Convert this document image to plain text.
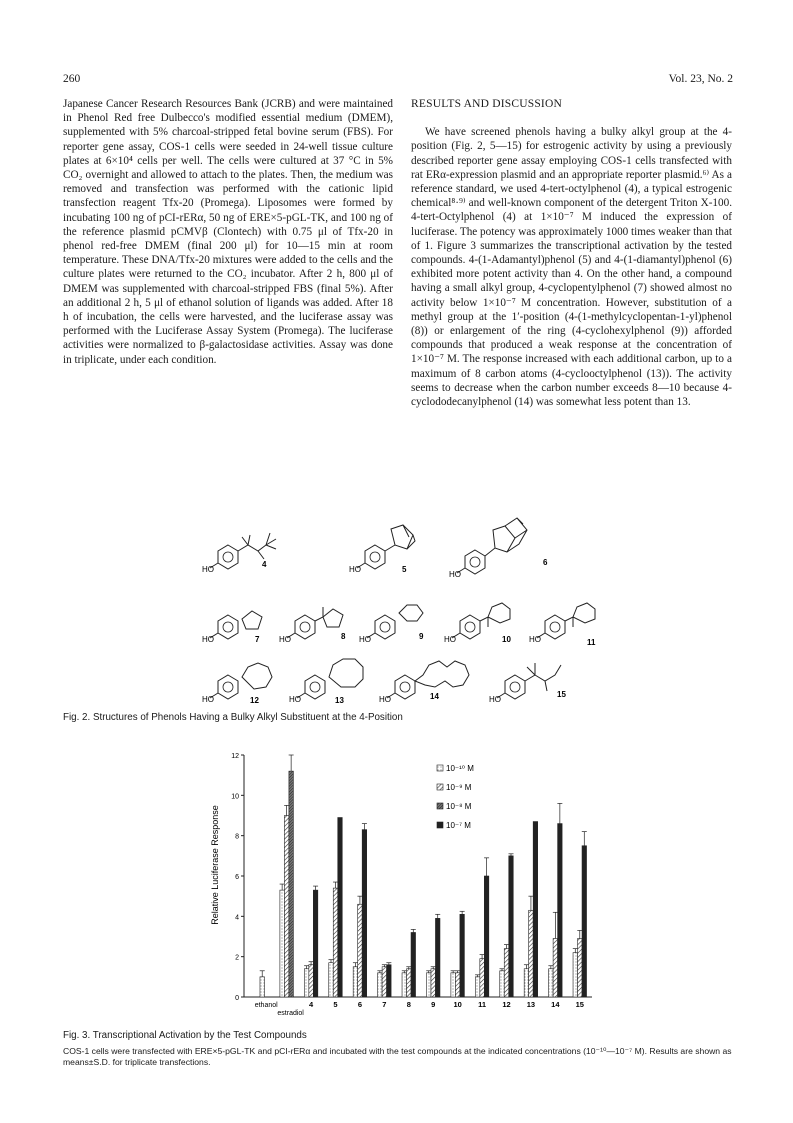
260	Vol. 23, No. 2

Japanese Cancer Research Resources Bank (JCRB) and were maintained in Phenol Red free Dulbecco's modified essential medium (DMEM), supplemented with 5% charcoal-stripped fetal bovine serum (FBS). For reporter gene assay, COS-1 cells were seeded in 24-well tissue culture plates at 6×10⁴ cells per well. The cells were cultured at 37 °C in 5% CO₂ overnight and allowed to attach to the plates. Then, the medium was removed and transfection was performed with the cationic lipid transfection reagent Tfx-20 (Promega). Liposomes were formed by incubating 100 ng of pCI-rERα, 50 ng of ERE×5-pGL-TK, and 100 ng of the reference plasmid pCMVβ (Clontech) with 0.75 μl of Tfx-20 in phenol red-free DMEM (final 200 μl) for 10—15 min at room temperature. These DNA/Tfx-20 mixtures were added to the cells and the culture plates were returned to the CO₂ incubator. After 2 h, 800 μl of DMEM was supplemented with charcoal-stripped FBS (final 5%). After an additional 2 h, 5 μl of ethanol solution of ligands was added. After 18 h of incubation, the cells were harvested, and the luciferase assay was performed with the Luciferase Assay System (Promega). The luciferase activities were normalized to β-galactosidase activities. Assay was done in triplicate, under each condition.

RESULTS AND DISCUSSION

We have screened phenols having a bulky alkyl group at the 4-position (Fig. 2, 5—15) for estrogenic activity by using a previously described reporter gene assay employing COS-1 cells transfected with rat ERα-expression plasmid and an appropriate reporter plasmid.⁶⁾ As a reference standard, we used 4-tert-octylphenol (4), a typical estrogenic chemical⁸·⁹⁾ and well-known component of the detergent Triton X-100. 4-tert-Octylphenol (4) at 1×10⁻⁷ M induced the expression of luciferase. The potency was approximately 1000 times weaker than that of 1. Figure 3 summarizes the transcriptional activation by the tested compounds. 4-(1-Adamantyl)phenol (5) and 4-(1-diamantyl)phenol (6) exhibited more potent activity than 4. On the other hand, a compound having a small alkyl group, 4-cyclopentylphenol (7) showed almost no activity below 1×10⁻⁷ M concentration. However, substitution of a methyl group at the 1′-position (4-(1-methylcyclopentan-1-yl)phenol (8)) or enlargement of the ring (4-cyclohexylphenol (9)) afforded compounds that produced a weak response at the concentration of 1×10⁻⁷ M. The response increased with each additional carbon, up to a maximum of 8 carbon atoms (4-cyclooctylphenol (13)). The activity seems to decrease when the carbon number exceeds 8—10 because 4-cyclododecanylphenol (14) was somewhat less potent than 13.

HO	HO
HO
HO	HO	HO	HO	HO
HO	HO	HO	HO
4
5
6
7	8	9	10	11
12	13	14	15
Fig. 2. Structures of Phenols Having a Bulky Alkyl Substituent at the 4-Position
Relative Luciferase Response
0
2
4
6
8
10
12
10⁻¹⁰ M
10⁻⁹ M
10⁻⁸ M
10⁻⁷ M
ethanol
estradiol
4	5	6	7	8	9 10 11 12 13 14 15
Fig. 3. Transcriptional Activation by the Test Compounds
COS-1 cells were transfected with ERE×5-pGL-TK and pCI-rERα and incubated with the test compounds at the indicated concentrations (10⁻¹⁰—10⁻⁷ M). Results are shown as means±S.D. for triplicate transfections.
